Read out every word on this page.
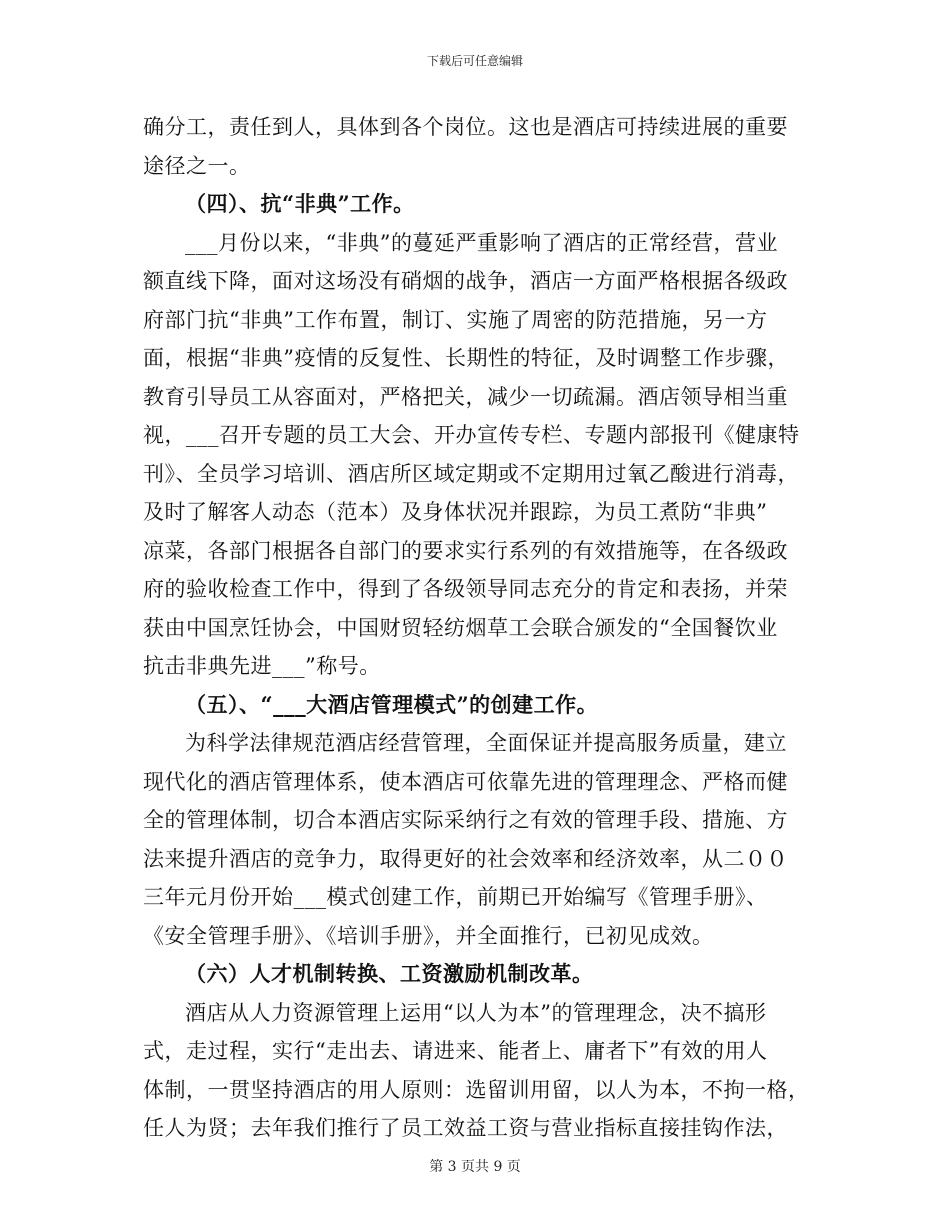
下载后可任意编辑
确分工，责任到人，具体到各个岗位。这也是酒店可持续进展的重要
途径之一。
（四）、抗“非典”工作。
___月份以来，“非典”的蔓延严重影响了酒店的正常经营，营业
额直线下降，面对这场没有硝烟的战争，酒店一方面严格根据各级政
府部门抗“非典”工作布置，制订、实施了周密的防范措施，另一方
面，根据“非典”疫情的反复性、长期性的特征，及时调整工作步骤，
教育引导员工从容面对，严格把关，减少一切疏漏。酒店领导相当重
视，___召开专题的员工大会、开办宣传专栏、专题内部报刊《健康特
刊》、全员学习培训、酒店所区域定期或不定期用过氧乙酸进行消毒，
及时了解客人动态（范本）及身体状况并跟踪，为员工煮防“非典”
凉菜，各部门根据各自部门的要求实行系列的有效措施等，在各级政
府的验收检查工作中，得到了各级领导同志充分的肯定和表扬，并荣
获由中国烹饪协会，中国财贸轻纺烟草工会联合颁发的“全国餐饮业
抗击非典先进___”称号。
（五）、“___大酒店管理模式”的创建工作。
为科学法律规范酒店经营管理，全面保证并提高服务质量，建立
现代化的酒店管理体系，使本酒店可依靠先进的管理理念、严格而健
全的管理体制，切合本酒店实际采纳行之有效的管理手段、措施、方
法来提升酒店的竞争力，取得更好的社会效率和经济效率，从二００
三年元月份开始___模式创建工作，前期已开始编写《管理手册》、
《安全管理手册》、《培训手册》，并全面推行，已初见成效。
（六）人才机制转换、工资激励机制改革。
酒店从人力资源管理上运用“以人为本”的管理理念，决不搞形
式，走过程，实行“走出去、请进来、能者上、庸者下”有效的用人
体制，一贯坚持酒店的用人原则：选留训用留，以人为本，不拘一格，
任人为贤；去年我们推行了员工效益工资与营业指标直接挂钩作法，
第 3 页共 9 页
